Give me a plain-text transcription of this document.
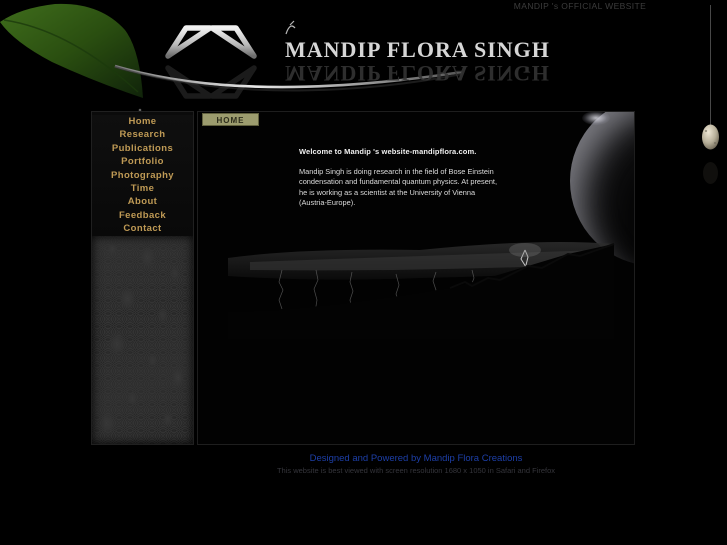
MANDIP 's OFFICIAL WEBSITE
MANDIP FLORA SINGH
MANDIP FLORA SINGH
Home
Research
Publications
Portfolio
Photography
Time
About
Feedback
Contact
HOME
Welcome to Mandip 's website-mandipflora.com.
Mandip Singh is doing research in the field of Bose Einstein condensation and fundamental quantum physics. At present, he is working as a scientist at the University of Vienna (Austria-Europe).
Designed and Powered by Mandip Flora Creations
This website is best viewed with screen resolution 1680 x 1050 in Safari and Firefox
